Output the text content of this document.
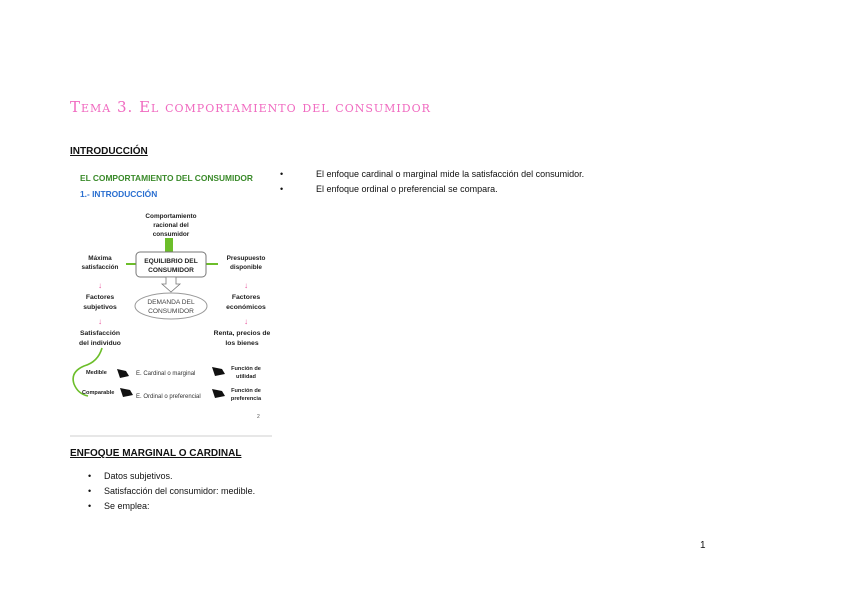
Tema 3. El comportamiento del consumidor
INTRODUCCIÓN
EL COMPORTAMIENTO DEL CONSUMIDOR
1.- INTRODUCCIÓN
Comportamiento
racional del
consumidor
Máxima
satisfacción
Presupuesto
disponible
EQUILIBRIO DEL
CONSUMIDOR
↓	↓
↓	↓
Factores
subjetivos
Factores
económicos
DEMANDA DEL
CONSUMIDOR
Satisfacción
del individuo
Renta, precios de
los bienes
Medible	E. Cardinal o marginal
Función de
utilidad
Comparable
E. Ordinal o preferencial
Función de
preferencia
2
•	El enfoque cardinal o marginal mide la satisfacción del consumidor.
•	El enfoque ordinal o preferencial se compara.
ENFOQUE MARGINAL O CARDINAL
• Datos subjetivos.
• Satisfacción del consumidor: medible.
• Se emplea:
1
